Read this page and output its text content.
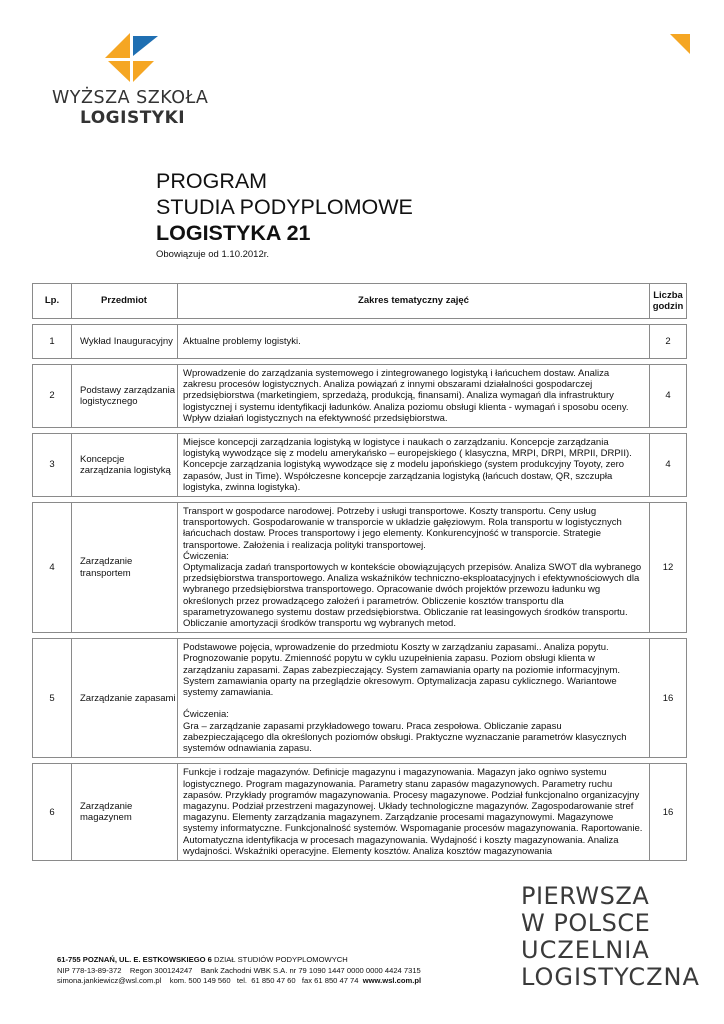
WYŻSZA SZKOŁA
LOGISTYKI
PROGRAM
STUDIA PODYPLOMOWE
LOGISTYKA 21
Obowiązuje od 1.10.2012r.
Lp.	Przedmiot	Zakres tematyczny zajęć	Liczba godzin

1	Wykład Inauguracyjny	Aktualne problemy logistyki.	2

2	Podstawy zarządzania logistycznego	Wprowadzenie do zarządzania systemowego i zintegrowanego logistyką i łańcuchem dostaw. Analiza zakresu procesów logistycznych. Analiza powiązań z innymi obszarami działalności gospodarczej przedsiębiorstwa (marketingiem, sprzedażą, produkcją, finansami). Analiza wymagań dla infrastruktury logistycznej i systemu identyfikacji ładunków. Analiza poziomu obsługi klienta - wymagań i sposobu oceny. Wpływ działań logistycznych na efektywność przedsiębiorstwa.	4

3	Koncepcje zarządzania logistyką	Miejsce koncepcji zarządzania logistyką w logistyce i naukach o zarządzaniu. Koncepcje zarządzania logistyką wywodzące się z modelu amerykańsko – europejskiego ( klasyczna, MRPI, DRPI, MRPII, DRPII). Koncepcje zarządzania logistyką wywodzące się z modelu japońskiego (system produkcyjny Toyoty, zero zapasów, Just in Time). Współczesne koncepcje zarządzania logistyką (łańcuch dostaw, QR, szczupła logistyka, zwinna logistyka).	4

4	Zarządzanie transportem	Transport w gospodarce narodowej. Potrzeby i usługi transportowe. Koszty transportu. Ceny usług transportowych. Gospodarowanie w transporcie w układzie gałęziowym. Rola transportu w logistycznych łańcuchach dostaw. Proces transportowy i jego elementy. Konkurencyjność w transporcie. Strategie transportowe. Założenia i realizacja polityki transportowej.
Ćwiczenia:
Optymalizacja zadań transportowych w kontekście obowiązujących przepisów. Analiza SWOT dla wybranego przedsiębiorstwa transportowego. Analiza wskaźników techniczno-eksploatacyjnych i efektywnościowych dla wybranego przedsiębiorstwa transportowego. Opracowanie dwóch projektów przewozu ładunku wg określonych przez prowadzącego założeń i parametrów. Obliczenie kosztów transportu dla sparametryzowanego systemu dostaw przedsiębiorstwa. Obliczanie rat leasingowych środków transportu. Obliczanie amortyzacji środków transportu wg wybranych metod.	12

5	Zarządzanie zapasami	Podstawowe pojęcia, wprowadzenie do przedmiotu Koszty w zarządzaniu zapasami.. Analiza popytu. Prognozowanie popytu. Zmienność popytu w cyklu uzupełnienia zapasu. Poziom obsługi klienta w zarządzaniu zapasami. Zapas zabezpieczający. System zamawiania oparty na poziomie informacyjnym. System zamawiania oparty na przeglądzie okresowym. Optymalizacja zapasu cyklicznego. Wariantowe systemy zamawiania.

Ćwiczenia:
Gra – zarządzanie zapasami przykładowego towaru. Praca zespołowa. Obliczanie zapasu zabezpieczającego dla określonych poziomów obsługi. Praktyczne wyznaczanie parametrów klasycznych systemów odnawiania zapasu.	16

6	Zarządzanie magazynem	Funkcje i rodzaje magazynów. Definicje magazynu i magazynowania. Magazyn jako ogniwo systemu logistycznego. Program magazynowania. Parametry stanu zapasów magazynowych. Parametry ruchu zapasów. Przykłady programów magazynowania. Procesy magazynowe. Podział funkcjonalno organizacyjny magazynu. Podział przestrzeni magazynowej. Układy technologiczne magazynów. Zagospodarowanie stref magazynu. Elementy zarządzania magazynem. Zarządzanie procesami magazynowymi. Magazynowe systemy informatyczne. Funkcjonalność systemów. Wspomaganie procesów magazynowania. Raportowanie. Automatyczna identyfikacja w procesach magazynowania. Wydajność i koszty magazynowania. Analiza wydajności. Wskaźniki operacyjne. Elementy kosztów. Analiza kosztów magazynowania	16
61-755 POZNAŃ, UL. E. ESTKOWSKIEGO 6 DZIAŁ STUDIÓW PODYPLOMOWYCH
NIP 778-13-89-372    Regon 300124247    Bank Zachodni WBK S.A. nr 79 1090 1447 0000 0000 4424 7315
simona.jankiewicz@wsl.com.pl    kom. 500 149 560   tel.  61 850 47 60   fax 61 850 47 74  www.wsl.com.pl
PIERWSZA
W POLSCE
UCZELNIA
LOGISTYCZNA
